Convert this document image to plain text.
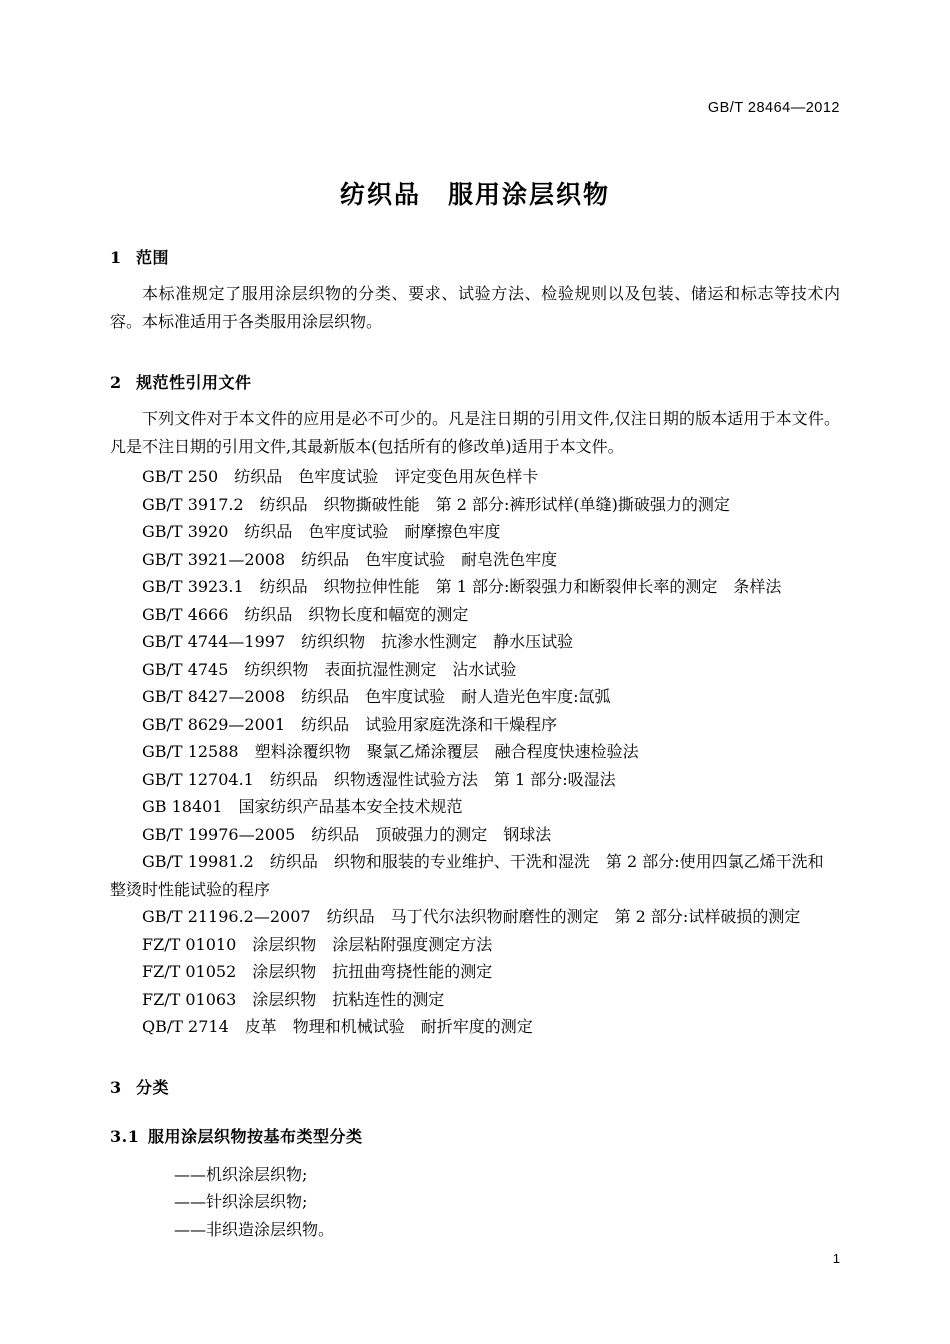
GB/T 28464—2012
纺织品　服用涂层织物
1 范围
本标准规定了服用涂层织物的分类、要求、试验方法、检验规则以及包装、储运和标志等技术内容。本标准适用于各类服用涂层织物。
2 规范性引用文件
下列文件对于本文件的应用是必不可少的。凡是注日期的引用文件,仅注日期的版本适用于本文件。凡是不注日期的引用文件,其最新版本(包括所有的修改单)适用于本文件。
GB/T 250　纺织品　色牢度试验　评定变色用灰色样卡
GB/T 3917.2　纺织品　织物撕破性能　第 2 部分:裤形试样(单缝)撕破强力的测定
GB/T 3920　纺织品　色牢度试验　耐摩擦色牢度
GB/T 3921—2008　纺织品　色牢度试验　耐皂洗色牢度
GB/T 3923.1　纺织品　织物拉伸性能　第 1 部分:断裂强力和断裂伸长率的测定　条样法
GB/T 4666　纺织品　织物长度和幅宽的测定
GB/T 4744—1997　纺织织物　抗渗水性测定　静水压试验
GB/T 4745　纺织织物　表面抗湿性测定　沾水试验
GB/T 8427—2008　纺织品　色牢度试验　耐人造光色牢度:氙弧
GB/T 8629—2001　纺织品　试验用家庭洗涤和干燥程序
GB/T 12588　塑料涂覆织物　聚氯乙烯涂覆层　融合程度快速检验法
GB/T 12704.1　纺织品　织物透湿性试验方法　第 1 部分:吸湿法
GB 18401　国家纺织产品基本安全技术规范
GB/T 19976—2005　纺织品　顶破强力的测定　钢球法
GB/T 19981.2　纺织品　织物和服装的专业维护、干洗和湿洗　第 2 部分:使用四氯乙烯干洗和
整烫时性能试验的程序
GB/T 21196.2—2007　纺织品　马丁代尔法织物耐磨性的测定　第 2 部分:试样破损的测定
FZ/T 01010　涂层织物　涂层粘附强度测定方法
FZ/T 01052　涂层织物　抗扭曲弯挠性能的测定
FZ/T 01063　涂层织物　抗粘连性的测定
QB/T 2714　皮革　物理和机械试验　耐折牢度的测定
3 分类
3.1 服用涂层织物按基布类型分类
——机织涂层织物;
——针织涂层织物;
——非织造涂层织物。
1
